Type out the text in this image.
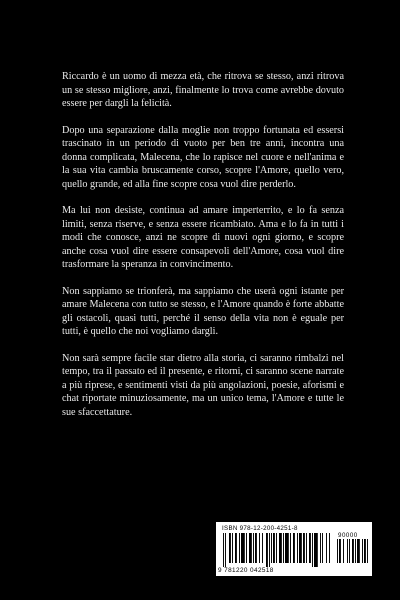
Riccardo è un uomo di mezza età, che ritrova se stesso, anzi ritrova un se stesso migliore, anzi, finalmente lo trova come avrebbe dovuto essere per dargli la felicità.

Dopo una separazione dalla moglie non troppo fortunata ed essersi trascinato in un periodo di vuoto per ben tre anni, incontra una donna complicata, Malecena, che lo rapisce nel cuore e nell'anima e la sua vita cambia bruscamente corso, scopre l'Amore, quello vero, quello grande, ed alla fine scopre cosa vuol dire perderlo.

Ma lui non desiste, continua ad amare imperterrito, e lo fa senza limiti, senza riserve, e senza essere ricambiato. Ama e lo fa in tutti i modi che conosce, anzi ne scopre di nuovi ogni giorno, e scopre anche cosa vuol dire essere consapevoli dell'Amore, cosa vuol dire trasformare la speranza in convincimento.

Non sappiamo se trionferà, ma sappiamo che userà ogni istante per amare Malecena con tutto se stesso, e l'Amore quando è forte abbatte gli ostacoli, quasi tutti, perché il senso della vita non è eguale per tutti, è quello che noi vogliamo dargli.

Non sarà sempre facile star dietro alla storia, ci saranno rimbalzi nel tempo, tra il passato ed il presente, e ritorni, ci saranno scene narrate a più riprese, e sentimenti visti da più angolazioni, poesie, aforismi e chat riportate minuziosamente, ma un unico tema, l'Amore e tutte le sue sfaccettature.

ISBN 978-12-200-4251-8
90000
9 781220 042518
